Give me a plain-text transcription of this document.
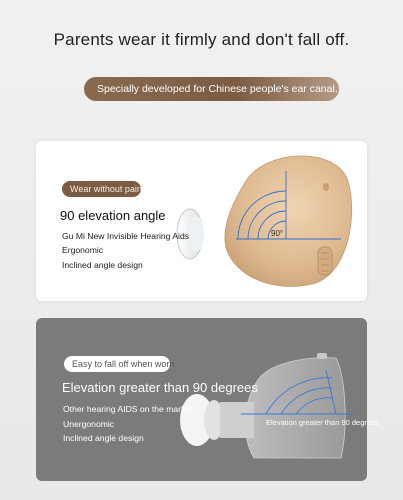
Parents wear it firmly and don't fall off.
Specially developed for Chinese people's ear canal.
Wear without pain
90 elevation angle
Gu Mi New Invisible Hearing Aids
Ergonomic
Inclined angle design
90°
Easy to fall off when worn
Elevation greater than 90 degrees
Other hearing AIDS on the market
Unergonomic
Inclined angle design
Elevation greater than 90 degrees
